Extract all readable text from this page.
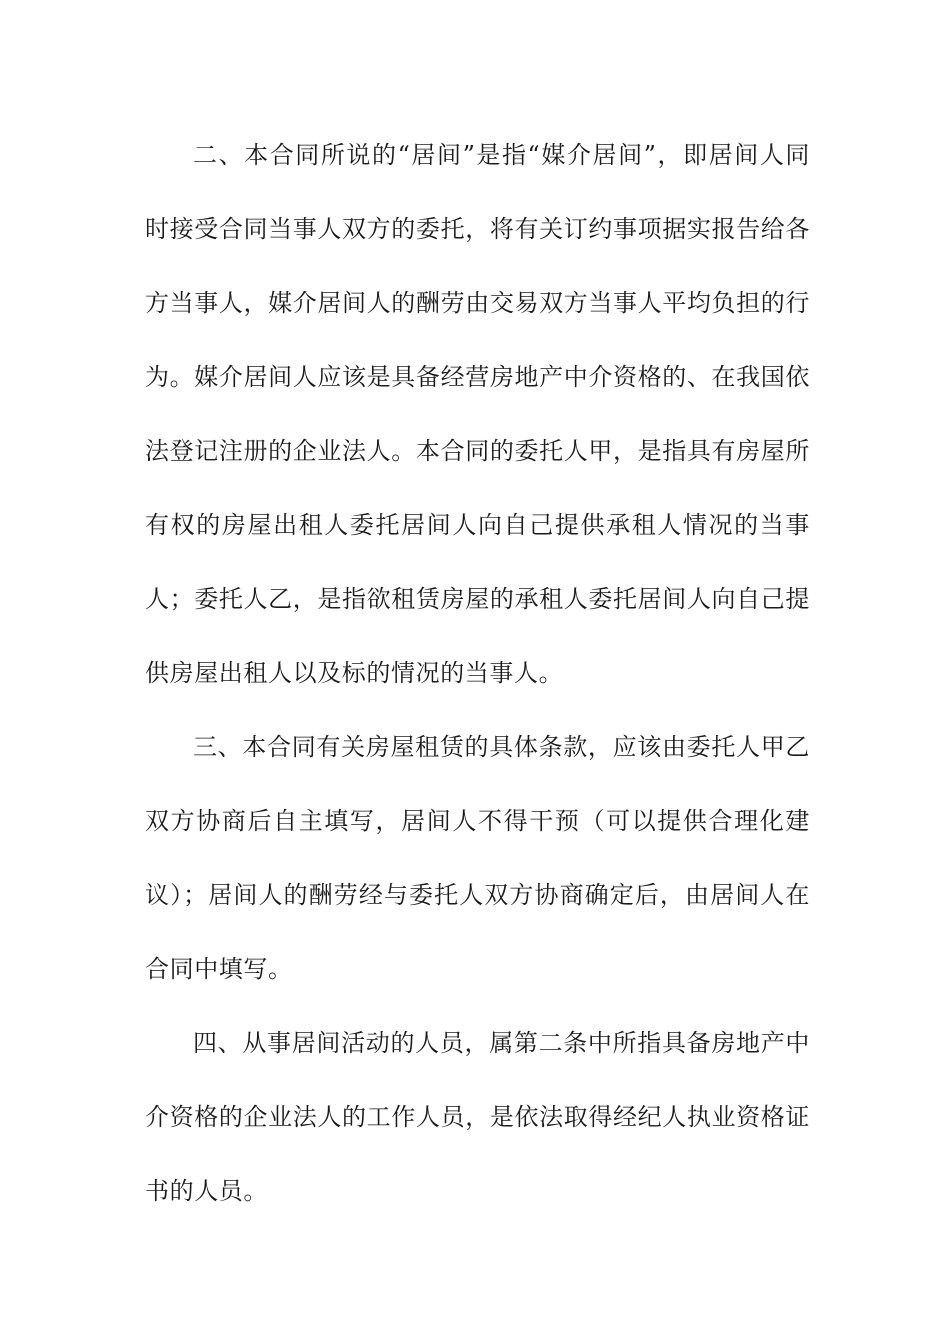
二、本合同所说的“居间”是指“媒介居间”，即居间人同时接受合同当事人双方的委托，将有关订约事项据实报告给各方当事人，媒介居间人的酬劳由交易双方当事人平均负担的行为。媒介居间人应该是具备经营房地产中介资格的、在我国依法登记注册的企业法人。本合同的委托人甲，是指具有房屋所有权的房屋出租人委托居间人向自己提供承租人情况的当事人；委托人乙，是指欲租赁房屋的承租人委托居间人向自己提供房屋出租人以及标的情况的当事人。

三、本合同有关房屋租赁的具体条款，应该由委托人甲乙双方协商后自主填写，居间人不得干预（可以提供合理化建议）；居间人的酬劳经与委托人双方协商确定后，由居间人在合同中填写。

四、从事居间活动的人员，属第二条中所指具备房地产中介资格的企业法人的工作人员，是依法取得经纪人执业资格证书的人员。
